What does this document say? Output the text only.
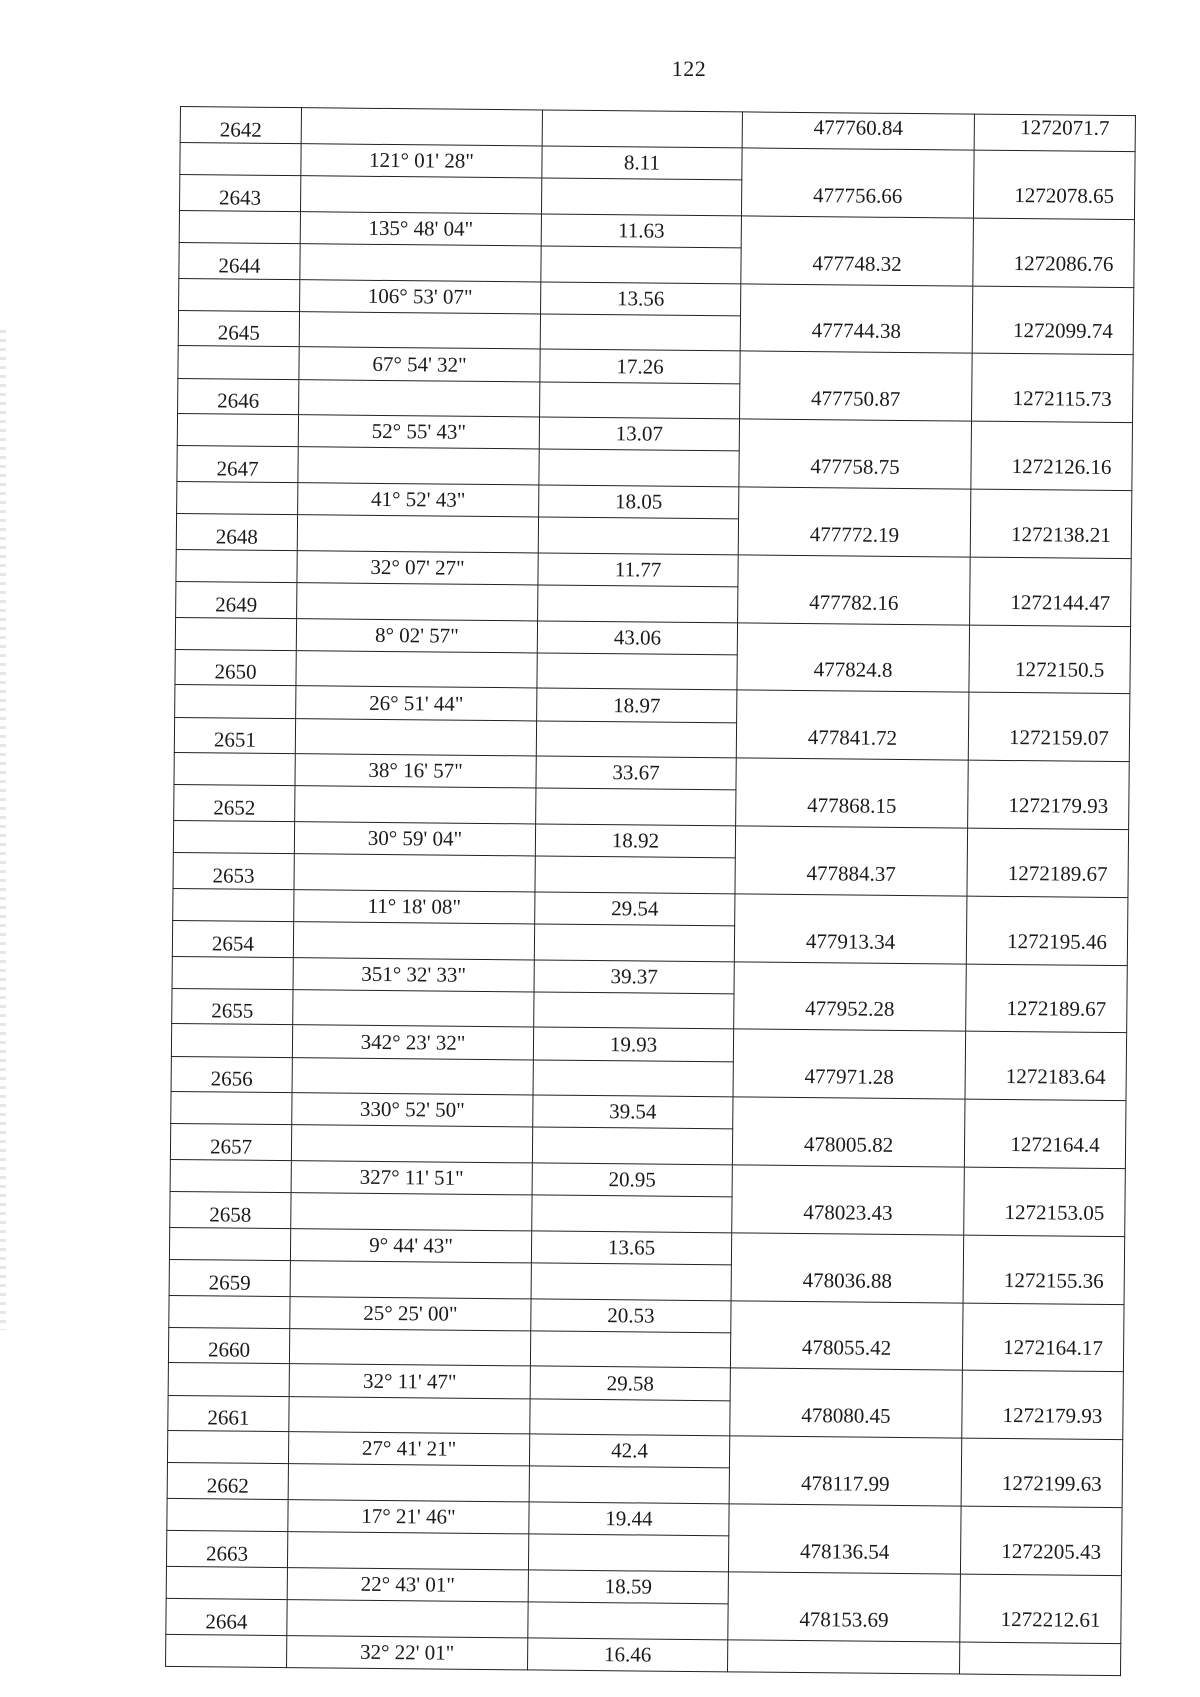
122
2642			477760.84	1272071.7
	121° 01' 28"	8.11		
2643			477756.66	1272078.65
	135° 48' 04"	11.63		
2644			477748.32	1272086.76
	106° 53' 07"	13.56		
2645			477744.38	1272099.74
	67° 54' 32"	17.26		
2646			477750.87	1272115.73
	52° 55' 43"	13.07		
2647			477758.75	1272126.16
	41° 52' 43"	18.05		
2648			477772.19	1272138.21
	32° 07' 27"	11.77		
2649			477782.16	1272144.47
	8° 02' 57"	43.06		
2650			477824.8	1272150.5
	26° 51' 44"	18.97		
2651			477841.72	1272159.07
	38° 16' 57"	33.67		
2652			477868.15	1272179.93
	30° 59' 04"	18.92		
2653			477884.37	1272189.67
	11° 18' 08"	29.54		
2654			477913.34	1272195.46
	351° 32' 33"	39.37		
2655			477952.28	1272189.67
	342° 23' 32"	19.93		
2656			477971.28	1272183.64
	330° 52' 50"	39.54		
2657			478005.82	1272164.4
	327° 11' 51"	20.95		
2658			478023.43	1272153.05
	9° 44' 43"	13.65		
2659			478036.88	1272155.36
	25° 25' 00"	20.53		
2660			478055.42	1272164.17
	32° 11' 47"	29.58		
2661			478080.45	1272179.93
	27° 41' 21"	42.4		
2662			478117.99	1272199.63
	17° 21' 46"	19.44		
2663			478136.54	1272205.43
	22° 43' 01"	18.59		
2664			478153.69	1272212.61
	32° 22' 01"	16.46		
